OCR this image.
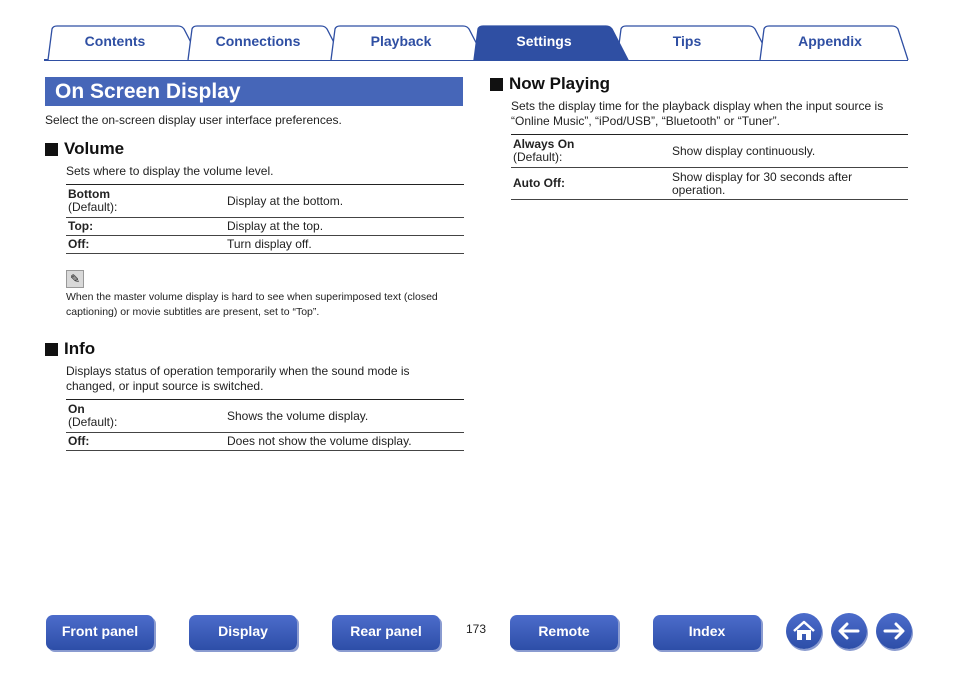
Contents	Connections	Playback	Settings	Tips	Appendix
On Screen Display
Select the on-screen display user interface preferences.
Volume
Sets where to display the volume level.
Bottom
(Default):	Display at the bottom.
Top:	Display at the top.
Off:	Turn display off.
✎
When the master volume display is hard to see when superimposed text (closed captioning) or movie subtitles are present, set to “Top”.
Info
Displays status of operation temporarily when the sound mode is changed, or input source is switched.
On
(Default):	Shows the volume display.
Off:	Does not show the volume display.
Now Playing
Sets the display time for the playback display when the input source is “Online Music”, “iPod/USB”, “Bluetooth” or “Tuner”.
Always On
(Default):	Show display continuously.
Auto Off:	Show display for 30 seconds after operation.
Front panel	Display	Rear panel	173	Remote	Index
